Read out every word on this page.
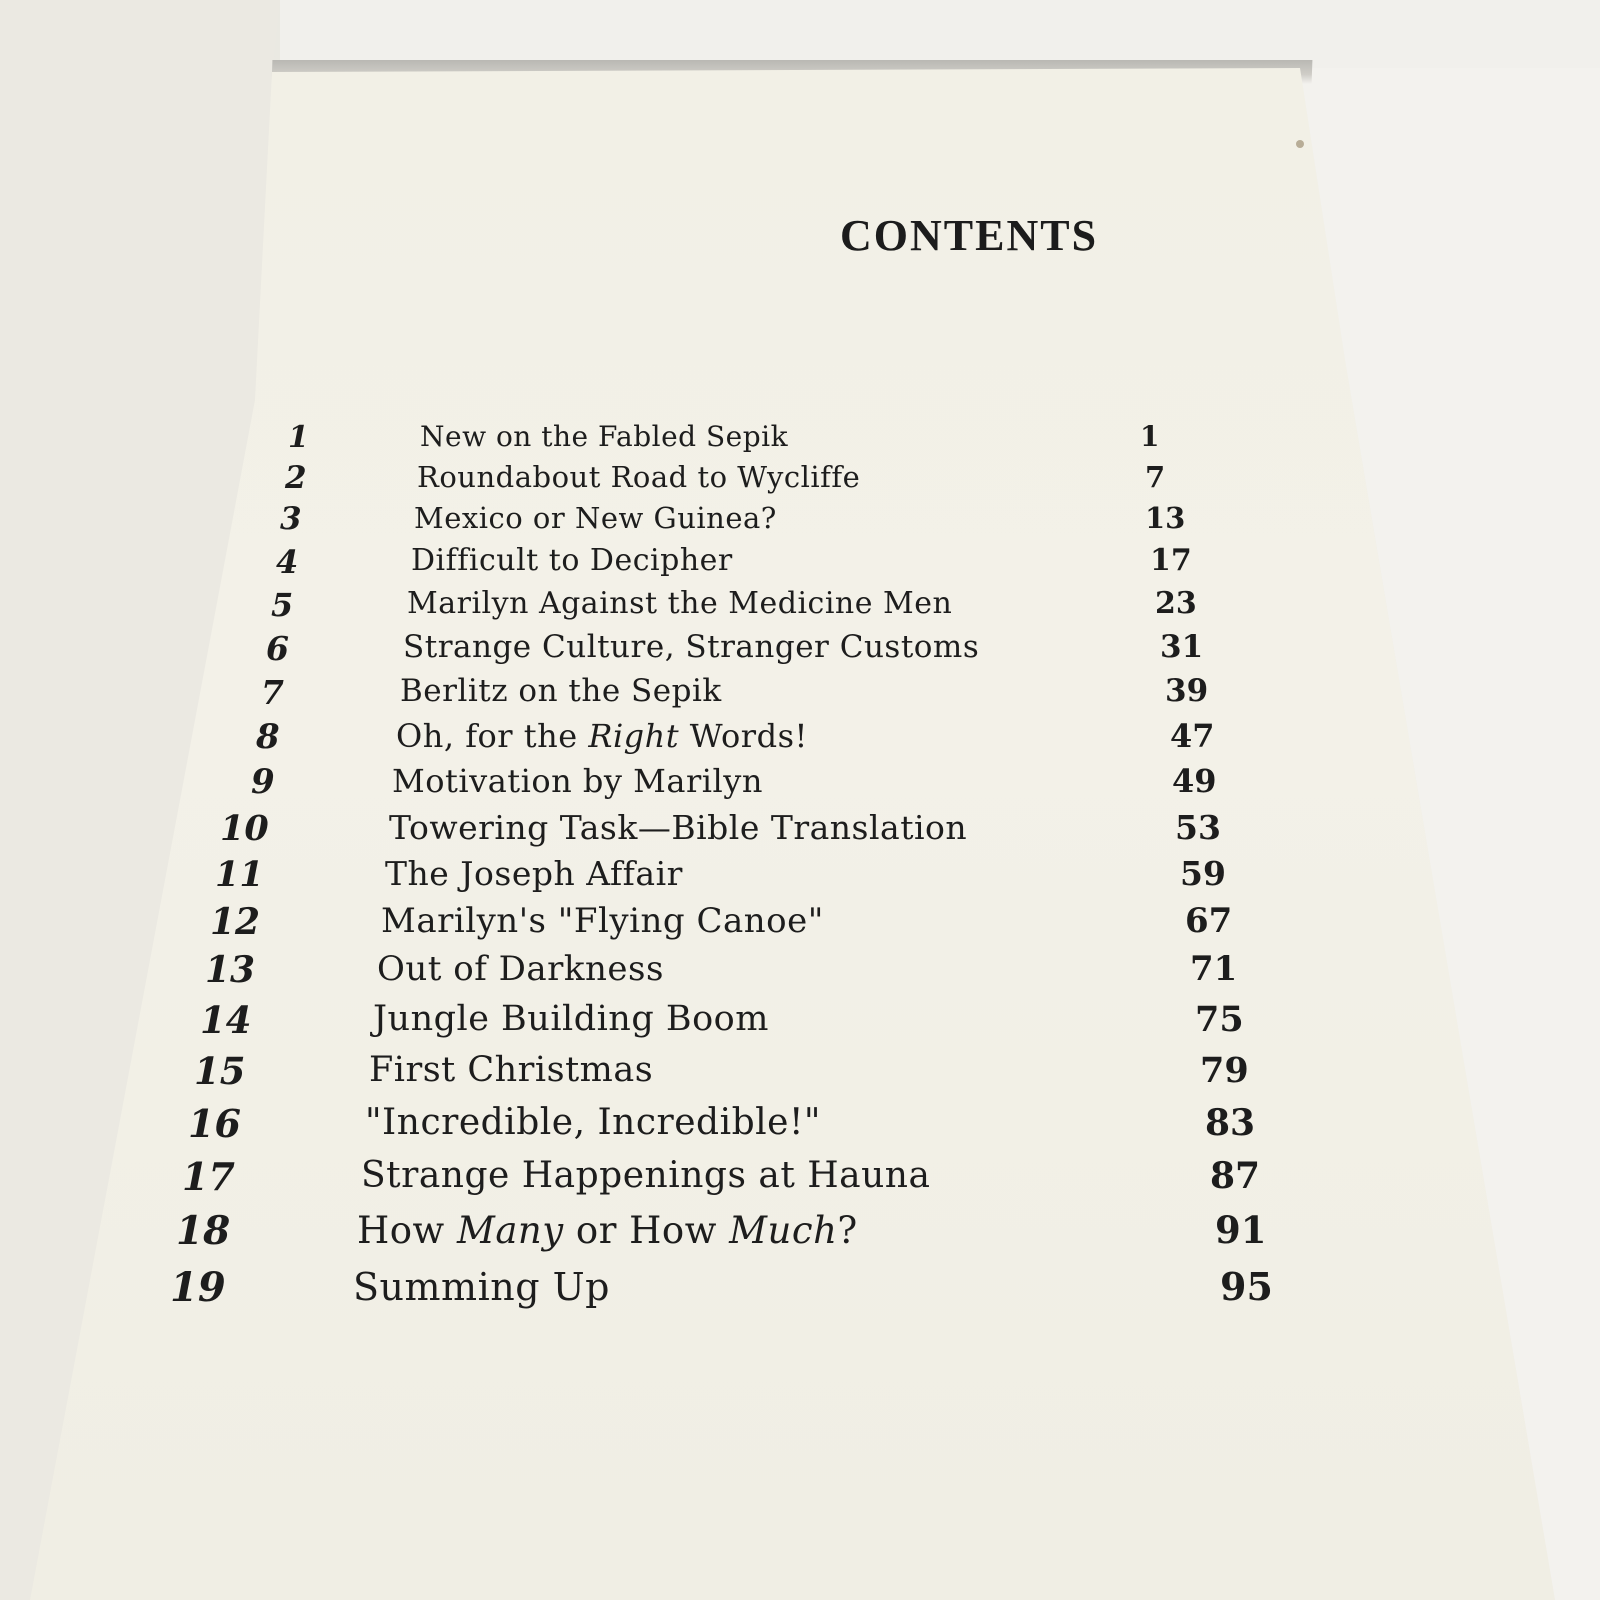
CONTENTS
1	New on the Fabled Sepik	1
2	Roundabout Road to Wycliffe	7
3	Mexico or New Guinea?	13
4	Difficult to Decipher	17
5	Marilyn Against the Medicine Men	23
6	Strange Culture, Stranger Customs	31
7	Berlitz on the Sepik	39
8	Oh, for the Right Words!	47
9	Motivation by Marilyn	49
10	Towering Task—Bible Translation	53
11	The Joseph Affair	59
12	Marilyn's "Flying Canoe"	67
13	Out of Darkness	71
14	Jungle Building Boom	75
15	First Christmas	79
16	"Incredible, Incredible!"	83
17	Strange Happenings at Hauna	87
18	How Many or How Much?	91
19	Summing Up	95
